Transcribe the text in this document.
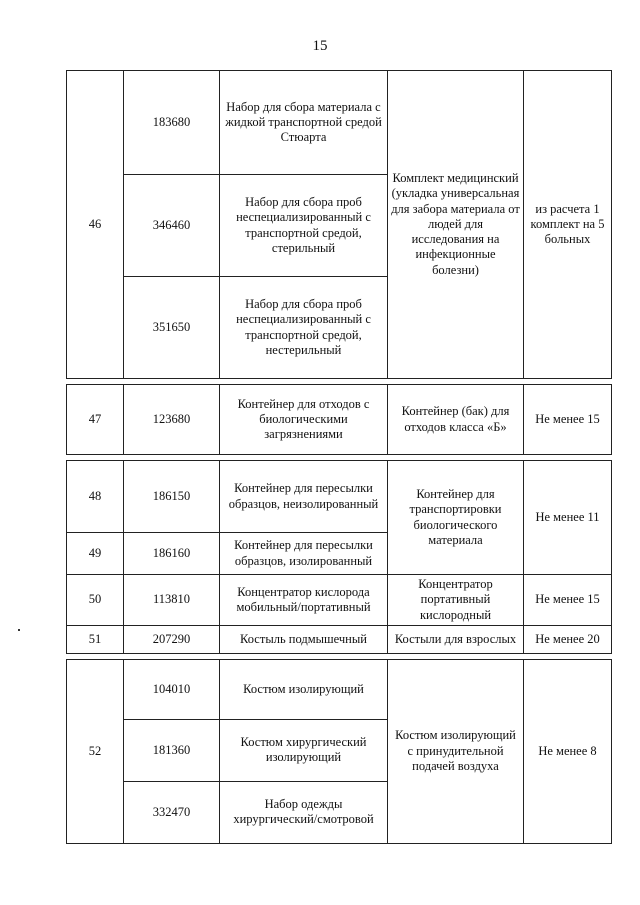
15
46	183680	Набор для сбора материала с жидкой транспортной средой Стюарта	Комплект медицинский (укладка универсальная для забора материала от людей для исследования на инфекционные болезни)	из расчета 1 комплект на 5 больных
	346460	Набор для сбора проб неспециализированный с транспортной средой, стерильный		
	351650	Набор для сбора проб неспециализированный с транспортной средой, нестерильный		

47	123680	Контейнер для отходов с биологическими загрязнениями	Контейнер (бак) для отходов класса «Б»	Не менее 15

48	186150	Контейнер для пересылки образцов, неизолированный	Контейнер для транспортировки биологического материала	Не менее 11
49	186160	Контейнер для пересылки образцов, изолированный		
50	113810	Концентратор кислорода мобильный/портативный	Концентратор портативный кислородный	Не менее 15
51	207290	Костыль подмышечный	Костыли для взрослых	Не менее 20

52	104010	Костюм изолирующий	Костюм изолирующий с принудительной подачей воздуха	Не менее 8
	181360	Костюм хирургический изолирующий		
	332470	Набор одежды хирургический/смотровой		
